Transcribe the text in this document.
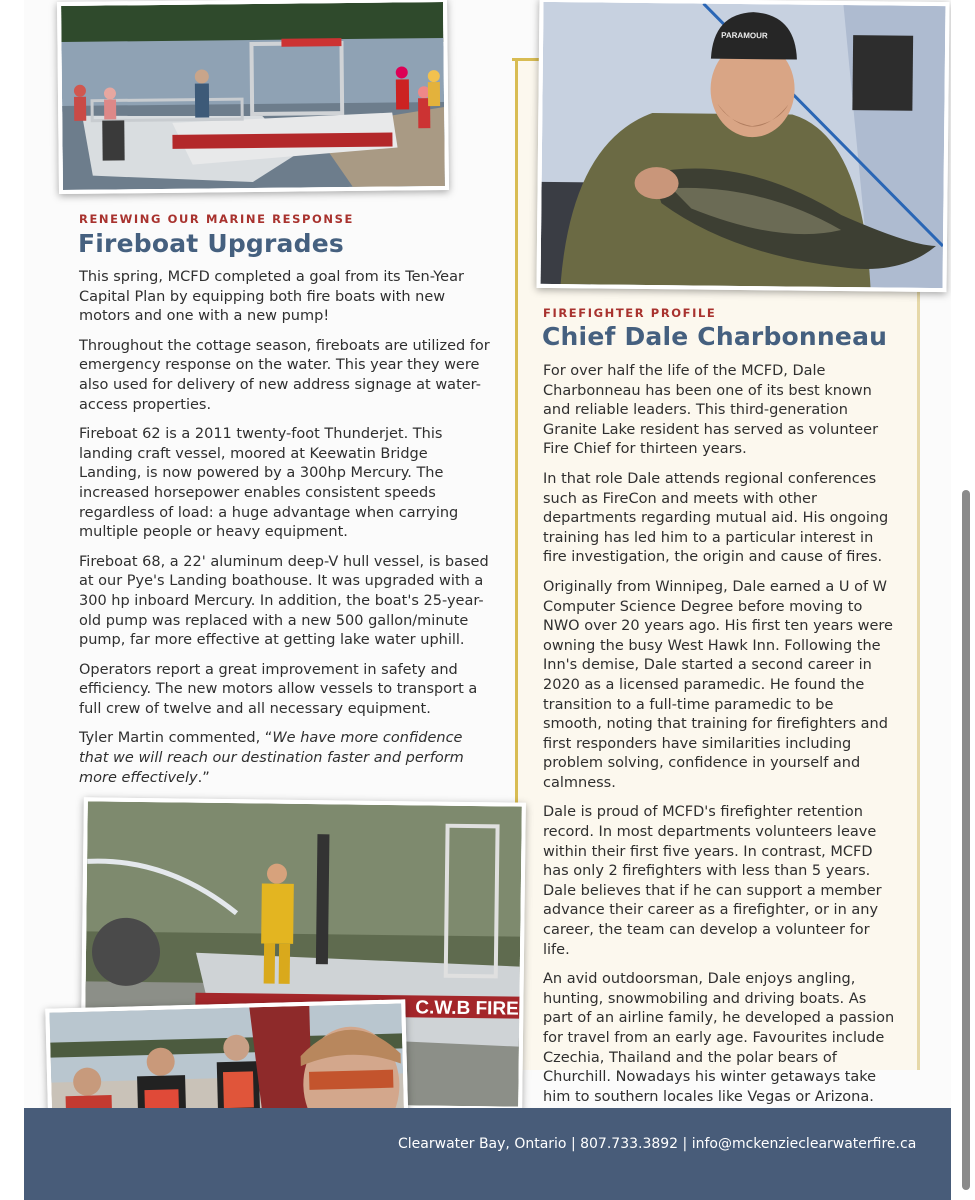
PARAMOUR
RENEWING OUR MARINE RESPONSE
Fireboat Upgrades

This spring, MCFD completed a goal from its Ten-Year Capital Plan by equipping both fire boats with new motors and one with a new pump!

Throughout the cottage season, fireboats are utilized for emergency response on the water. This year they were also used for delivery of new address signage at water-access properties.

Fireboat 62 is a 2011 twenty-foot Thunderjet. This landing craft vessel, moored at Keewatin Bridge Landing, is now powered by a 300hp Mercury. The increased horsepower enables consistent speeds regardless of load: a huge advantage when carrying multiple people or heavy equipment.

Fireboat 68, a 22' aluminum deep-V hull vessel, is based at our Pye's Landing boathouse. It was upgraded with a 300 hp inboard Mercury. In addition, the boat's 25-year-old pump was replaced with a new 500 gallon/minute pump, far more effective at getting lake water uphill.

Operators report a great improvement in safety and efficiency. The new motors allow vessels to transport a full crew of twelve and all necessary equipment.

Tyler Martin commented, “We have more confidence that we will reach our destination faster and perform more effectively.”

FIREFIGHTER PROFILE
Chief Dale Charbonneau

For over half the life of the MCFD, Dale Charbonneau has been one of its best known and reliable leaders. This third-generation Granite Lake resident has served as volunteer Fire Chief for thirteen years.

In that role Dale attends regional conferences such as FireCon and meets with other departments regarding mutual aid. His ongoing training has led him to a particular interest in fire investigation, the origin and cause of fires.

Originally from Winnipeg, Dale earned a U of W Computer Science Degree before moving to NWO over 20 years ago. His first ten years were owning the busy West Hawk Inn. Following the Inn's demise, Dale started a second career in 2020 as a licensed paramedic. He found the transition to a full-time paramedic to be smooth, noting that training for firefighters and first responders have similarities including problem solving, confidence in yourself and calmness.

Dale is proud of MCFD's firefighter retention record. In most departments volunteers leave within their first five years. In contrast, MCFD has only 2 firefighters with less than 5 years. Dale believes that if he can support a member advance their career as a firefighter, or in any career, the team can develop a volunteer for life.

An avid outdoorsman, Dale enjoys angling, hunting, snowmobiling and driving boats. As part of an airline family, he developed a passion for travel from an early age. Favourites include Czechia, Thailand and the polar bears of Churchill. Nowadays his winter getaways take him to southern locales like Vegas or Arizona.

C.W.B FIRE
Clearwater Bay, Ontario | 807.733.3892 | info@mckenzieclearwaterfire.ca
